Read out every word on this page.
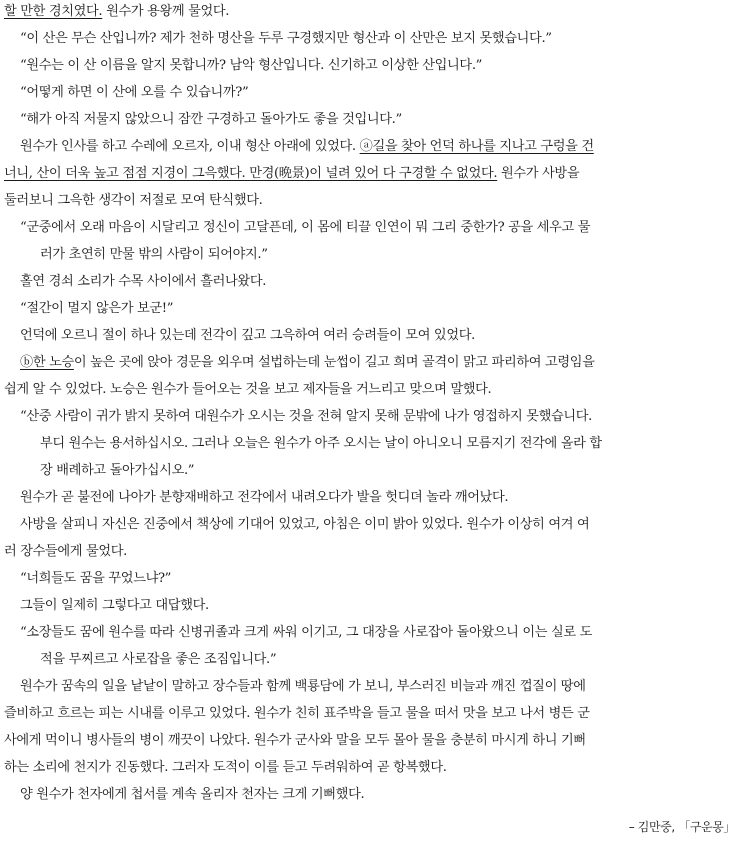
할 만한 경치였다. 원수가 용왕께 물었다.
“이 산은 무슨 산입니까? 제가 천하 명산을 두루 구경했지만 형산과 이 산만은 보지 못했습니다.”
“원수는 이 산 이름을 알지 못합니까? 남악 형산입니다. 신기하고 이상한 산입니다.”
“어떻게 하면 이 산에 오를 수 있습니까?”
“해가 아직 저물지 않았으니 잠깐 구경하고 돌아가도 좋을 것입니다.”
원수가 인사를 하고 수레에 오르자, 이내 형산 아래에 있었다. ⓐ길을 찾아 언덕 하나를 지나고 구렁을 건
너니, 산이 더욱 높고 점점 지경이 그윽했다. 만경(晩景)이 널려 있어 다 구경할 수 없었다. 원수가 사방을
둘러보니 그윽한 생각이 저절로 모여 탄식했다.
“군중에서 오래 마음이 시달리고 정신이 고달픈데, 이 몸에 티끌 인연이 뭐 그리 중한가? 공을 세우고 물
러가 초연히 만물 밖의 사람이 되어야지.”
홀연 경쇠 소리가 수목 사이에서 흘러나왔다.
“절간이 멀지 않은가 보군!”
언덕에 오르니 절이 하나 있는데 전각이 깊고 그윽하여 여러 승려들이 모여 있었다.
ⓑ한 노승이 높은 곳에 앉아 경문을 외우며 설법하는데 눈썹이 길고 희며 골격이 맑고 파리하여 고령임을
쉽게 알 수 있었다. 노승은 원수가 들어오는 것을 보고 제자들을 거느리고 맞으며 말했다.
“산중 사람이 귀가 밝지 못하여 대원수가 오시는 것을 전혀 알지 못해 문밖에 나가 영접하지 못했습니다.
부디 원수는 용서하십시오. 그러나 오늘은 원수가 아주 오시는 날이 아니오니 모름지기 전각에 올라 합
장 배례하고 돌아가십시오.”
원수가 곧 불전에 나아가 분향재배하고 전각에서 내려오다가 발을 헛디뎌 놀라 깨어났다.
사방을 살피니 자신은 진중에서 책상에 기대어 있었고, 아침은 이미 밝아 있었다. 원수가 이상히 여겨 여
러 장수들에게 물었다.
“너희들도 꿈을 꾸었느냐?”
그들이 일제히 그렇다고 대답했다.
“소장들도 꿈에 원수를 따라 신병귀졸과 크게 싸워 이기고, 그 대장을 사로잡아 돌아왔으니 이는 실로 도
적을 무찌르고 사로잡을 좋은 조짐입니다.”
원수가 꿈속의 일을 낱낱이 말하고 장수들과 함께 백룡담에 가 보니, 부스러진 비늘과 깨진 껍질이 땅에
즐비하고 흐르는 피는 시내를 이루고 있었다. 원수가 친히 표주박을 들고 물을 떠서 맛을 보고 나서 병든 군
사에게 먹이니 병사들의 병이 깨끗이 나았다. 원수가 군사와 말을 모두 몰아 물을 충분히 마시게 하니 기뻐
하는 소리에 천지가 진동했다. 그러자 도적이 이를 듣고 두려워하여 곧 항복했다.
양 원수가 천자에게 첩서를 계속 올리자 천자는 크게 기뻐했다.
– 김만중, 「구운몽」
